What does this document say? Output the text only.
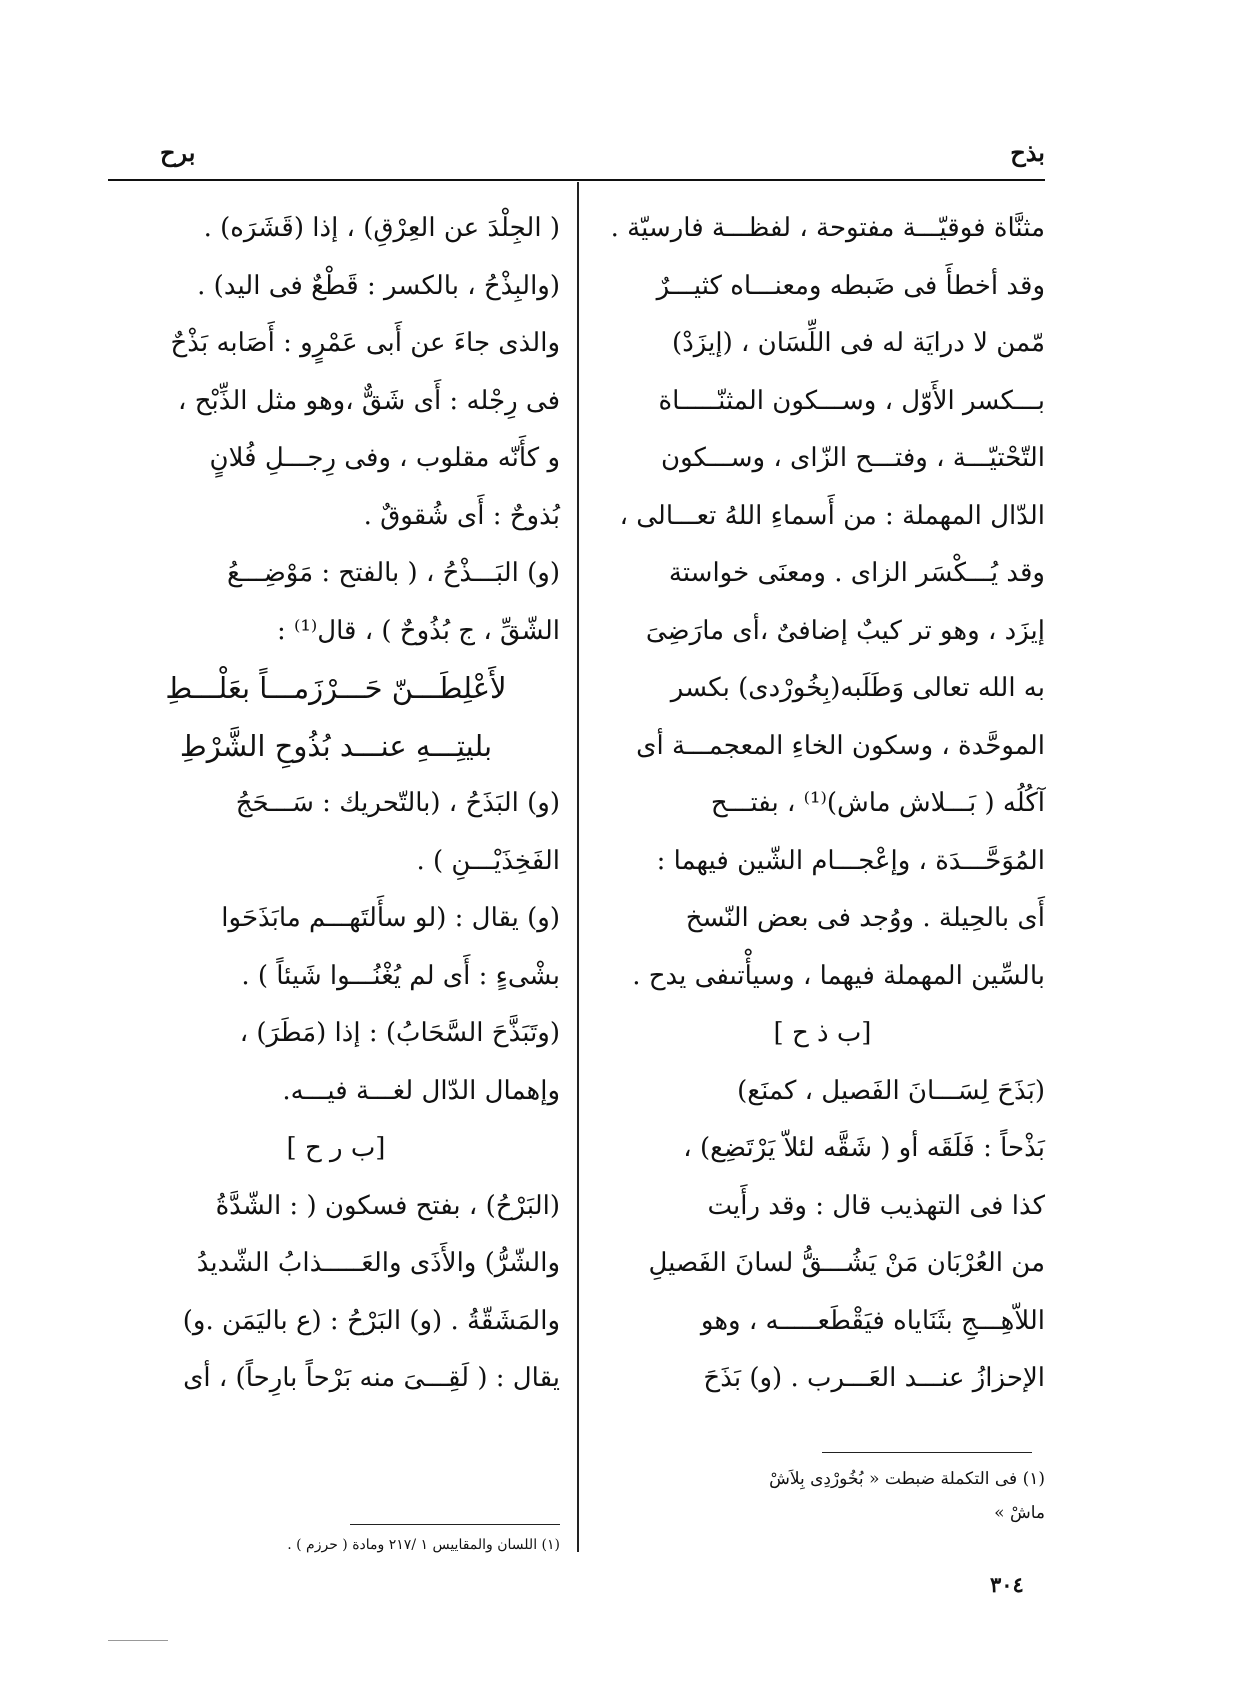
بذح
برح

مثنَّاة فوقيّـــة مفتوحة ، لفظـــة فارسيّة .
وقد أخطأَ فى ضَبطه ومعنـــاه كثيـــرٌ
مّمن لا درايَة له فى اللِّسَان ، (إيزَدْ)
بـــكسر الأَوّل ، وســـكون المثنّـــــاة
التّحْتيّـــة ، وفتـــح الزّاى ، وســـكون
الدّال المهملة : من أَسماءِ اللهُ تعـــالى ،
وقد يُـــكْسَر الزاى . ومعنَى خواستة
إيزَد ، وهو تر كيبٌ إضافىٌ ،أى مارَضِىَ
به الله تعالى وَطَلَبه(بِخُورْدى) بكسر
الموحَّدة ، وسكون الخاءِ المعجمـــة أى
آكُلُه ( بَـــلاش ماش)⁽¹⁾ ، بفتـــح
المُوَحَّـــدَة ، وإعْجـــام الشّين فيهما :
أَى بالحِيلة . ووُجد فى بعض النّسخ
بالسِّين المهملة فيهما ، وسيأْتىفى يدح .

[ب ذ ح ]

(بَذَحَ لِسَـــانَ الفَصيل ، كمنَع)
بَذْحاً : فَلَقَه أو ( شَقَّه لئلاّ يَرْتَضِع) ،
كذا فى التهذيب قال : وقد رأَيت
من العُرْبَان مَنْ يَشُـــقُّ لسانَ الفَصيلِ
اللاّهِـــجِ بثَنَاياه فيَقْطَعـــــه ، وهو
الإحزازُ عنـــد العَـــرب . (و) بَذَحَ

( الجِلْدَ عن العِرْقِ) ، إذا (قَشَرَه) .
(والبِذْحُ ، بالكسر : قَطْعٌ فى اليد) .
والذى جاءَ عن أَبى عَمْرٍو : أَصَابه بَذْحٌ
فى رِجْله : أَى شَقٌّ ،وهو مثل الذِّبْح ،
و كأَنّه مقلوب ، وفى رِجـــلِ فُلانٍ
بُذوحٌ : أَى شُقوقٌ .

(و) البَـــذْحُ ، ( بالفتح : مَوْضِـــعُ
الشّقِّ ، ج بُذُوحٌ ) ، قال⁽¹⁾ :

لأَعْلِطَـــنّ حَـــرْزَمـــاً بعَلْـــطِ
بليتِـــهِ عنـــد بُذُوحِ الشَّرْطِ

(و) البَذَحُ ، (بالتّحريك : سَـــحَجُ
الفَخِذَيْـــنِ ) .

(و) يقال : (لو سأَلتَهـــم مابَذَحَوا
بشْىءٍ : أَى لم يُغْنُـــوا شَيئاً ) .

(وتَبَذَّحَ السَّحَابُ) : إذا (مَطَرَ) ،
وإهمال الدّال لغـــة فيـــه.

[ب ر ح ]

(البَرْحُ) ، بفتح فسكون ( : الشّدَّةُ
والشّرُّ) والأَذَى والعَـــــذابُ الشّديدُ
والمَشَقّةُ . (و) البَرْحُ : (ع باليَمَن .و)
يقال : ( لَقِـــىَ منه بَرْحاً بارِحاً) ، أى

(١) فى التكملة ضبطت « بُخُورْدِى بِلاَشْ
ماشْ »
(١) اللسان والمقاييس ١ /٢١٧ ومادة ( حرزم ) .
٣٠٤
